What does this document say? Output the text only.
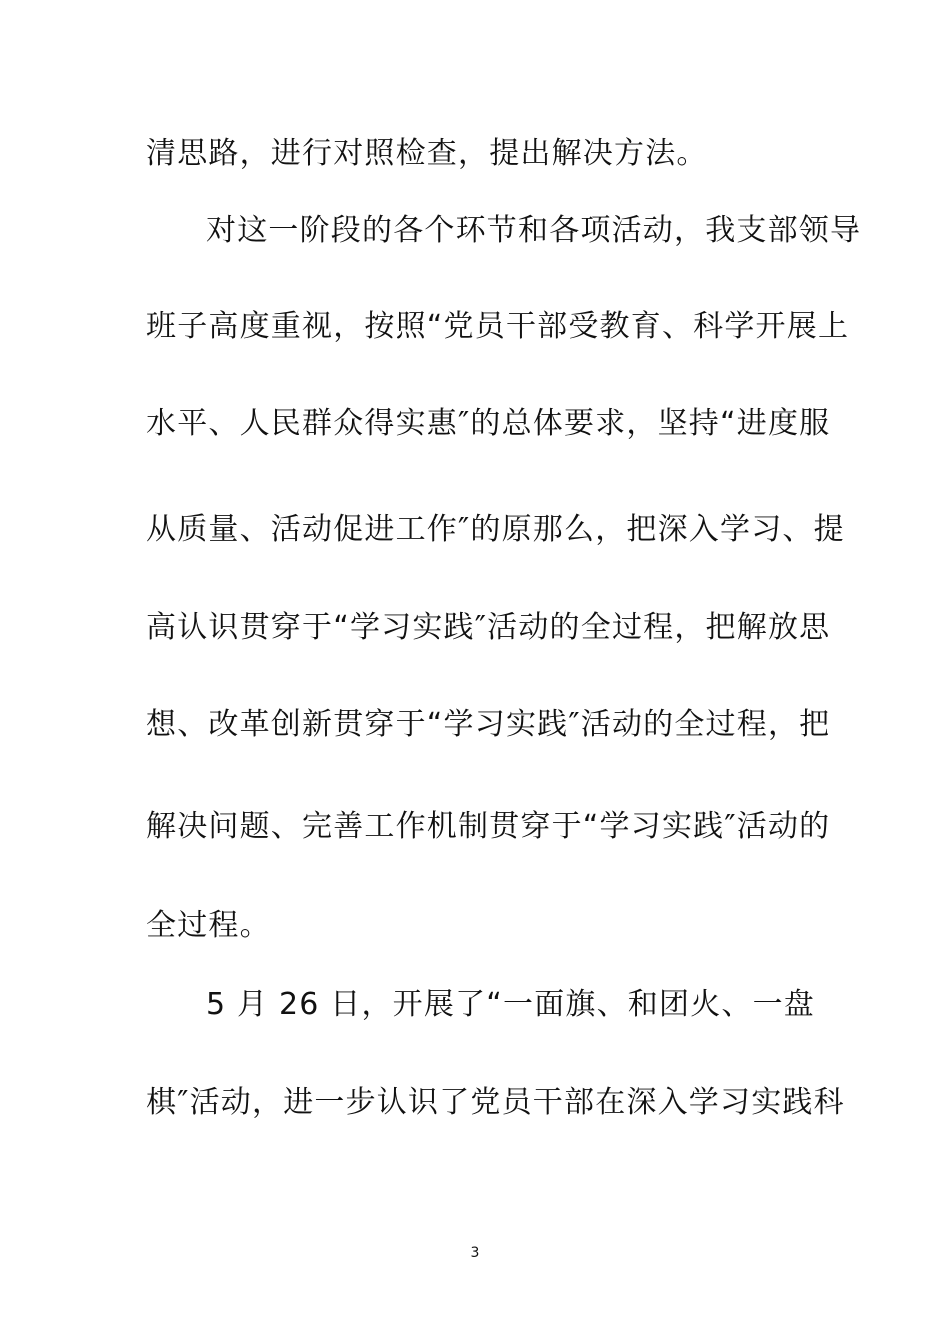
清思路，进行对照检查，提出解决方法。
对这一阶段的各个环节和各项活动，我支部领导
班子高度重视，按照“党员干部受教育、科学开展上
水平、人民群众得实惠″的总体要求，坚持“进度服
从质量、活动促进工作″的原那么，把深入学习、提
高认识贯穿于“学习实践″活动的全过程，把解放思
想、改革创新贯穿于“学习实践″活动的全过程，把
解决问题、完善工作机制贯穿于“学习实践″活动的
全过程。
5 月 26 日，开展了“一面旗、和团火、一盘
棋″活动，进一步认识了党员干部在深入学习实践科
3
